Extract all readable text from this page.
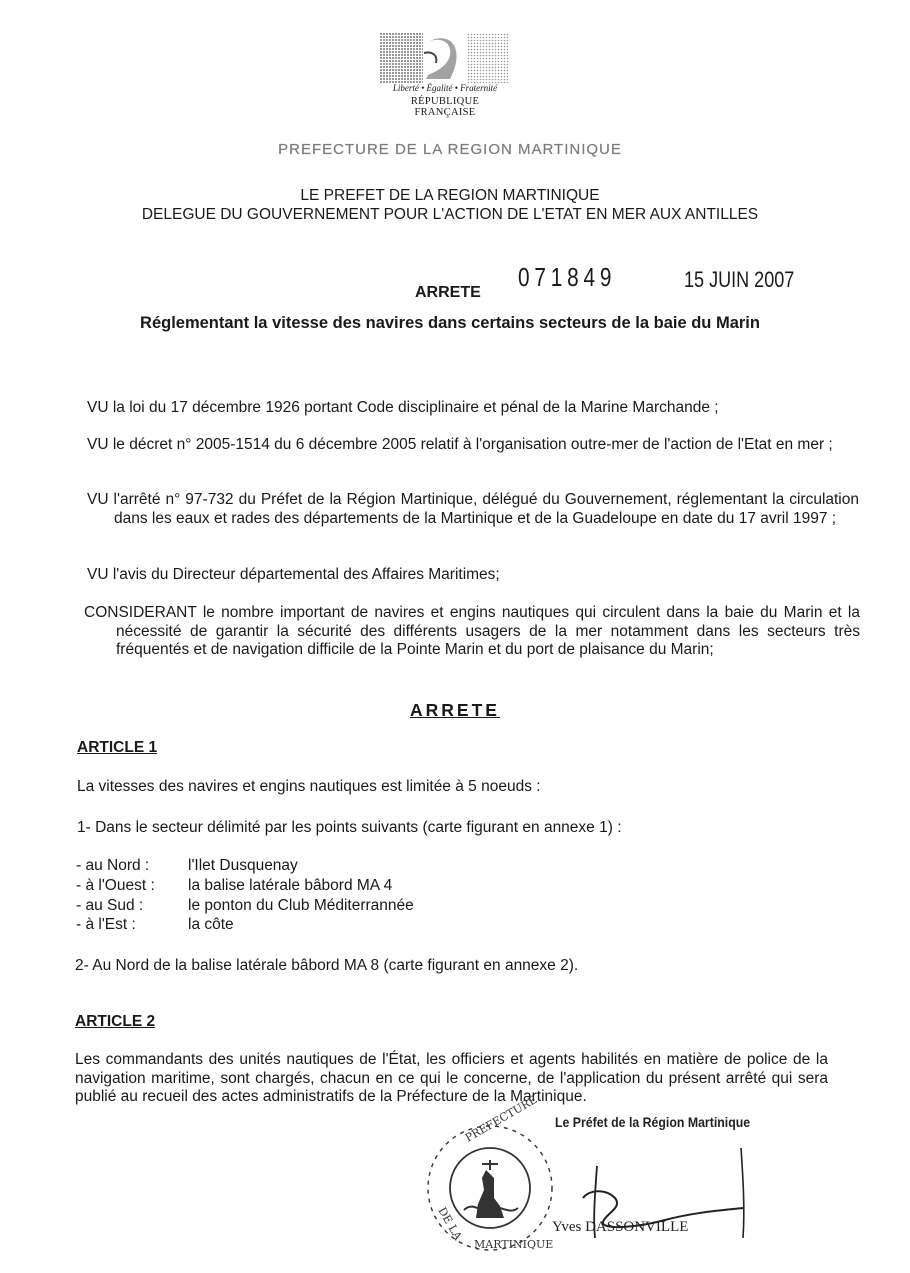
Liberté • Égalité • Fraternité
RÉPUBLIQUE FRANÇAISE
PREFECTURE DE LA REGION MARTINIQUE
LE PREFET DE LA REGION MARTINIQUE
DELEGUE DU GOUVERNEMENT POUR L'ACTION DE L'ETAT EN MER AUX ANTILLES
ARRETE
071849	15 JUIN 2007
Réglementant la vitesse des navires dans certains secteurs de la baie du Marin
VU la loi du 17 décembre 1926 portant Code disciplinaire et pénal de la Marine Marchande ;
VU le décret n° 2005-1514 du 6 décembre 2005 relatif à l'organisation outre-mer de l'action de l'Etat en mer ;
VU l'arrêté n° 97-732 du Préfet de la Région Martinique, délégué du Gouvernement, réglementant la circulation dans les eaux et rades des départements de la Martinique et de la Guadeloupe en date du 17 avril 1997 ;
VU l'avis du Directeur départemental des Affaires Maritimes;
CONSIDERANT le nombre important de navires et engins nautiques qui circulent dans la baie du Marin et la nécessité de garantir la sécurité des différents usagers de la mer notamment dans les secteurs très fréquentés et de navigation difficile de la Pointe Marin et du port de plaisance du Marin;
ARRETE
ARTICLE 1
La vitesses des navires et engins nautiques est limitée à 5 noeuds :
1- Dans le secteur délimité par les points suivants (carte figurant en annexe 1) :
- au Nord :	l'Ilet Dusquenay
- à l'Ouest :	la balise latérale bâbord MA 4
- au Sud :	le ponton du Club Méditerrannée
- à l'Est :	la côte
2- Au Nord de la balise latérale bâbord MA 8 (carte figurant en annexe 2).
ARTICLE 2
Les commandants des unités nautiques de l'État, les officiers et agents habilités en matière de police de la navigation maritime, sont chargés, chacun en ce qui le concerne, de l'application du présent arrêté qui sera publié au recueil des actes administratifs de la Préfecture de la Martinique.
Le Préfet de la Région Martinique
PREFECTURE
DE LA
MARTINIQUE
Yves DASSONVILLE
